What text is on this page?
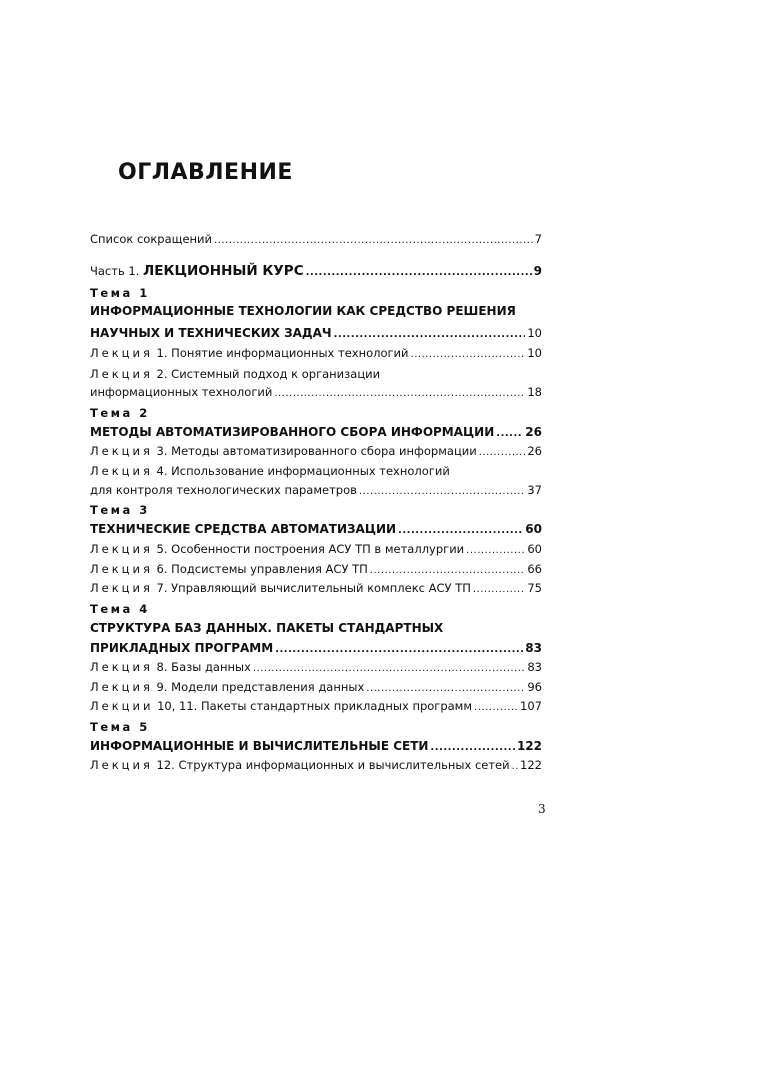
ОГЛАВЛЕНИЕ
Список сокращений .....	7
Часть 1. ЛЕКЦИОННЫЙ КУРС .....	9
Тема 1
ИНФОРМАЦИОННЫЕ ТЕХНОЛОГИИ КАК СРЕДСТВО РЕШЕНИЯ
НАУЧНЫХ И ТЕХНИЧЕСКИХ ЗАДАЧ .....	10
Лекция 1. Понятие информационных технологий .....	10
Лекция 2. Системный подход к организации
информационных технологий .....	18
Тема 2
МЕТОДЫ АВТОМАТИЗИРОВАННОГО СБОРА ИНФОРМАЦИИ .....	26
Лекция 3. Методы автоматизированного сбора информации .....	26
Лекция 4. Использование информационных технологий
для контроля технологических параметров .....	37
Тема 3
ТЕХНИЧЕСКИЕ СРЕДСТВА АВТОМАТИЗАЦИИ .....	60
Лекция 5. Особенности построения АСУ ТП в металлургии .....	60
Лекция 6. Подсистемы управления АСУ ТП .....	66
Лекция 7. Управляющий вычислительный комплекс АСУ ТП .....	75
Тема 4
СТРУКТУРА БАЗ ДАННЫХ. ПАКЕТЫ СТАНДАРТНЫХ
ПРИКЛАДНЫХ ПРОГРАММ .....	83
Лекция 8. Базы данных .....	83
Лекция 9. Модели представления данных .....	96
Лекции 10, 11. Пакеты стандартных прикладных программ .....	107
Тема 5
ИНФОРМАЦИОННЫЕ И ВЫЧИСЛИТЕЛЬНЫЕ СЕТИ .....	122
Лекция 12. Структура информационных и вычислительных сетей ..... 122
3
